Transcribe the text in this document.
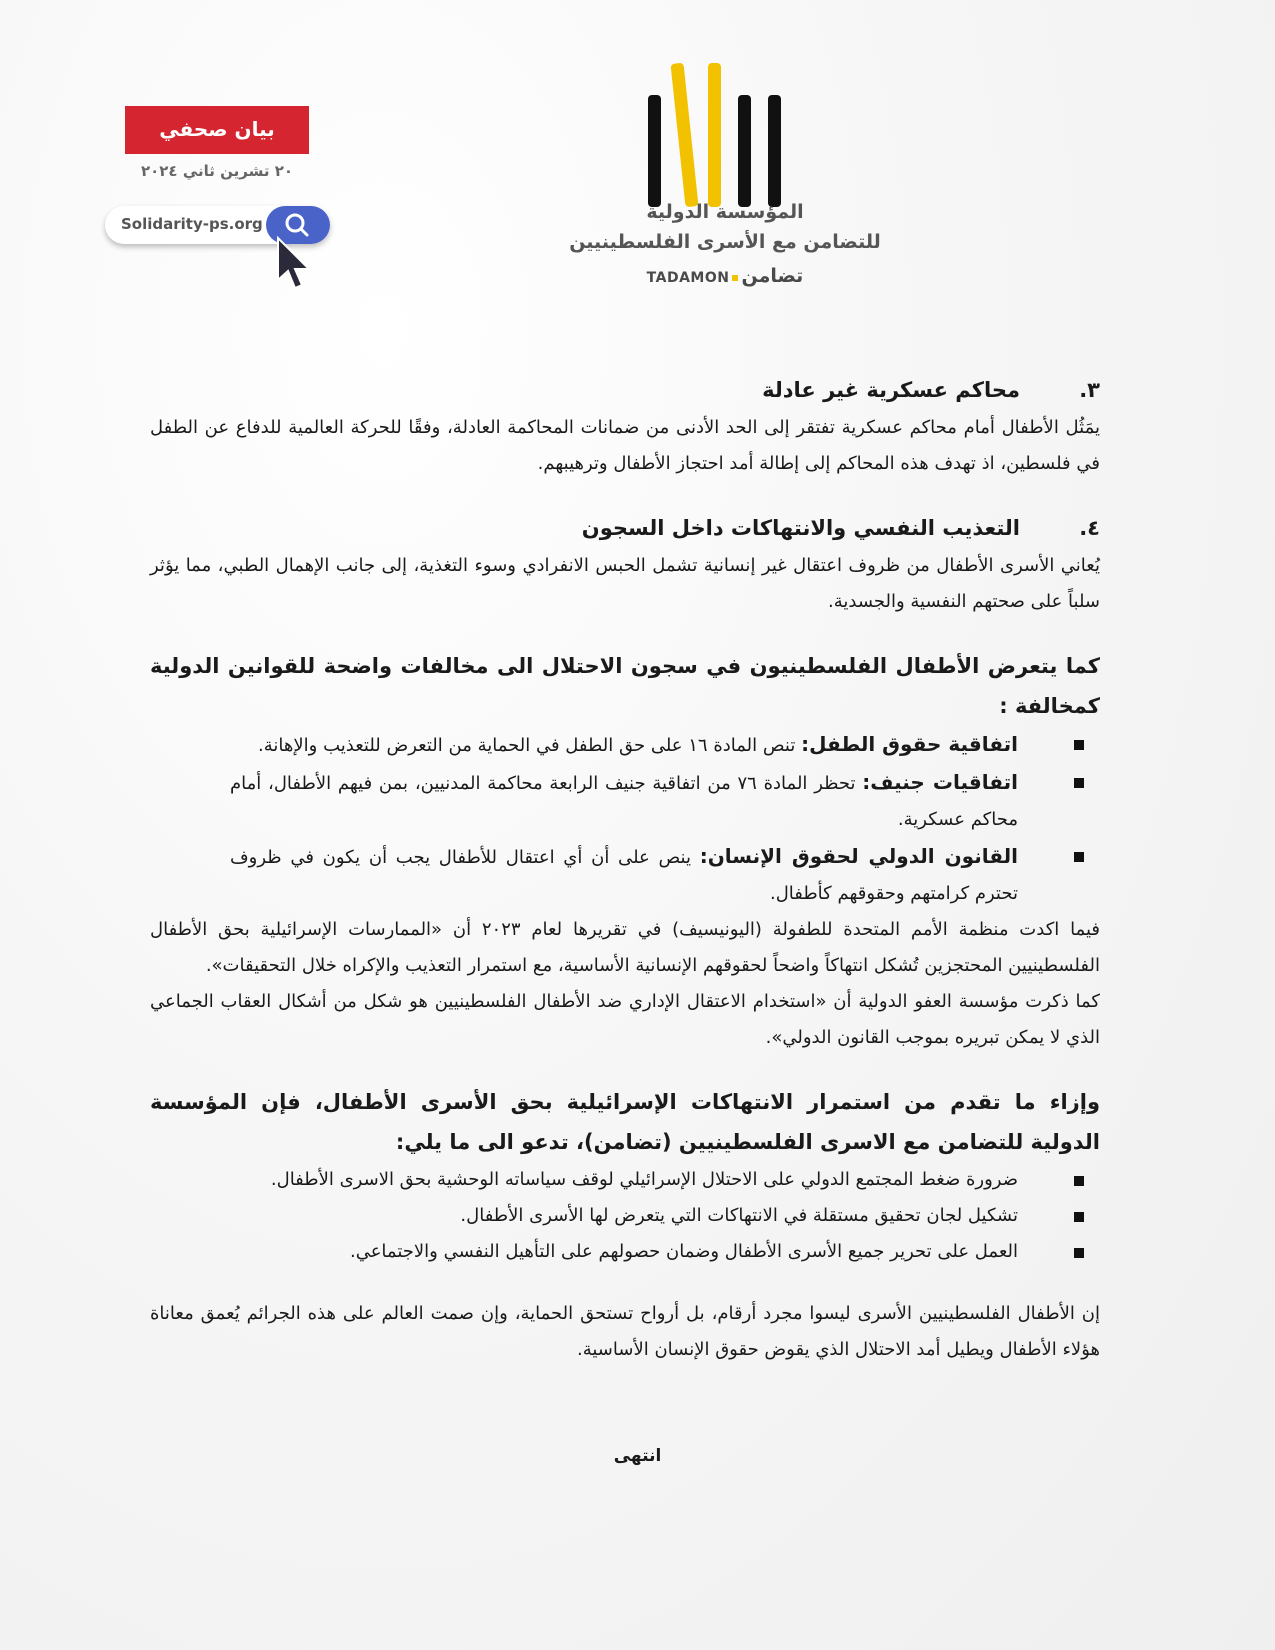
المؤسسة الدولية
للتضامن مع الأسرى الفلسطينيين
تضامنTADAMON
بيان صحفي
٢٠ تشرين ثاني ٢٠٢٤
Solidarity-ps.org

٣.محاكم عسكرية غير عادلة

يمَثُل الأطفال أمام محاكم عسكرية تفتقر إلى الحد الأدنى من ضمانات المحاكمة العادلة، وفقًا للحركة العالمية للدفاع عن الطفل في فلسطين، اذ تهدف هذه المحاكم إلى إطالة أمد احتجاز الأطفال وترهيبهم.

٤.التعذيب النفسي والانتهاكات داخل السجون

يُعاني الأسرى الأطفال من ظروف اعتقال غير إنسانية تشمل الحبس الانفرادي وسوء التغذية، إلى جانب الإهمال الطبي، مما يؤثر سلباً على صحتهم النفسية والجسدية.

كما يتعرض الأطفال الفلسطينيون في سجون الاحتلال الى مخالفات واضحة للقوانين الدولية كمخالفة :

اتفاقية حقوق الطفل: تنص المادة ١٦ على حق الطفل في الحماية من التعرض للتعذيب والإهانة.
اتفاقيات جنيف: تحظر المادة ٧٦ من اتفاقية جنيف الرابعة محاكمة المدنيين، بمن فيهم الأطفال، أمام محاكم عسكرية.
القانون الدولي لحقوق الإنسان: ينص على أن أي اعتقال للأطفال يجب أن يكون في ظروف تحترم كرامتهم وحقوقهم كأطفال.

فيما اكدت منظمة الأمم المتحدة للطفولة (اليونيسيف) في تقريرها لعام ٢٠٢٣ أن «الممارسات الإسرائيلية بحق الأطفال الفلسطينيين المحتجزين تُشكل انتهاكاً واضحاً لحقوقهم الإنسانية الأساسية، مع استمرار التعذيب والإكراه خلال التحقيقات».

كما ذكرت مؤسسة العفو الدولية أن «استخدام الاعتقال الإداري ضد الأطفال الفلسطينيين هو شكل من أشكال العقاب الجماعي الذي لا يمكن تبريره بموجب القانون الدولي».

وإزاء ما تقدم من استمرار الانتهاكات الإسرائيلية بحق الأسرى الأطفال، فإن المؤسسة الدولية للتضامن مع الاسرى الفلسطينيين (تضامن)، تدعو الى ما يلي:

ضرورة ضغط المجتمع الدولي على الاحتلال الإسرائيلي لوقف سياساته الوحشية بحق الاسرى الأطفال.
تشكيل لجان تحقيق مستقلة في الانتهاكات التي يتعرض لها الأسرى الأطفال.
العمل على تحرير جميع الأسرى الأطفال وضمان حصولهم على التأهيل النفسي والاجتماعي.

إن الأطفال الفلسطينيين الأسرى ليسوا مجرد أرقام، بل أرواح تستحق الحماية، وإن صمت العالم على هذه الجرائم يُعمق معاناة هؤلاء الأطفال ويطيل أمد الاحتلال الذي يقوض حقوق الإنسان الأساسية.

انتهى
